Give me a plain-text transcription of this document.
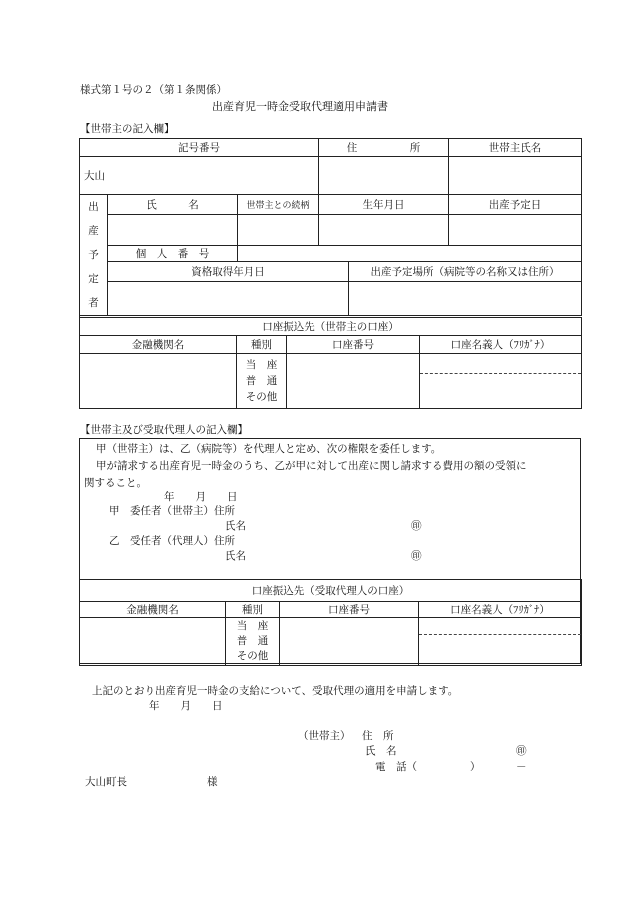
様式第１号の２（第１条関係）
出産育児一時金受取代理適用申請書
【世帯主の記入欄】
記号番号			住　　　　　所		世帯主氏名
大山					
出
産
予
定
者	氏　　　名	世帯主との続柄	生年月日		出産予定日

	個　人　番　号				
	資格取得年月日			出産予定場所（病院等の名称又は住所）	

口座振込先（世帯主の口座）			
金融機関名	種別	口座番号	口座名義人（ﾌﾘｶﾞﾅ）
	当　座
普　通
その他		
【世帯主及び受取代理人の記入欄】
甲（世帯主）は、乙（病院等）を代理人と定め、次の権限を委任します。
甲が請求する出産育児一時金のうち、乙が甲に対して出産に関し請求する費用の額の受領に
関すること。
年　　月　　日
甲　委任者（世帯主）住所
氏名	㊞
乙　受任者（代理人）住所
氏名	㊞
口座振込先（受取代理人の口座）			
金融機関名	種別	口座番号	口座名義人（ﾌﾘｶﾞﾅ）
	当　座
普　通
その他		
上記のとおり出産育児一時金の支給について、受取代理の適用を申請します。
年　　月　　日
（世帯主） 住　所
氏　名	㊞
電　話（	）	－
大山町長	様
